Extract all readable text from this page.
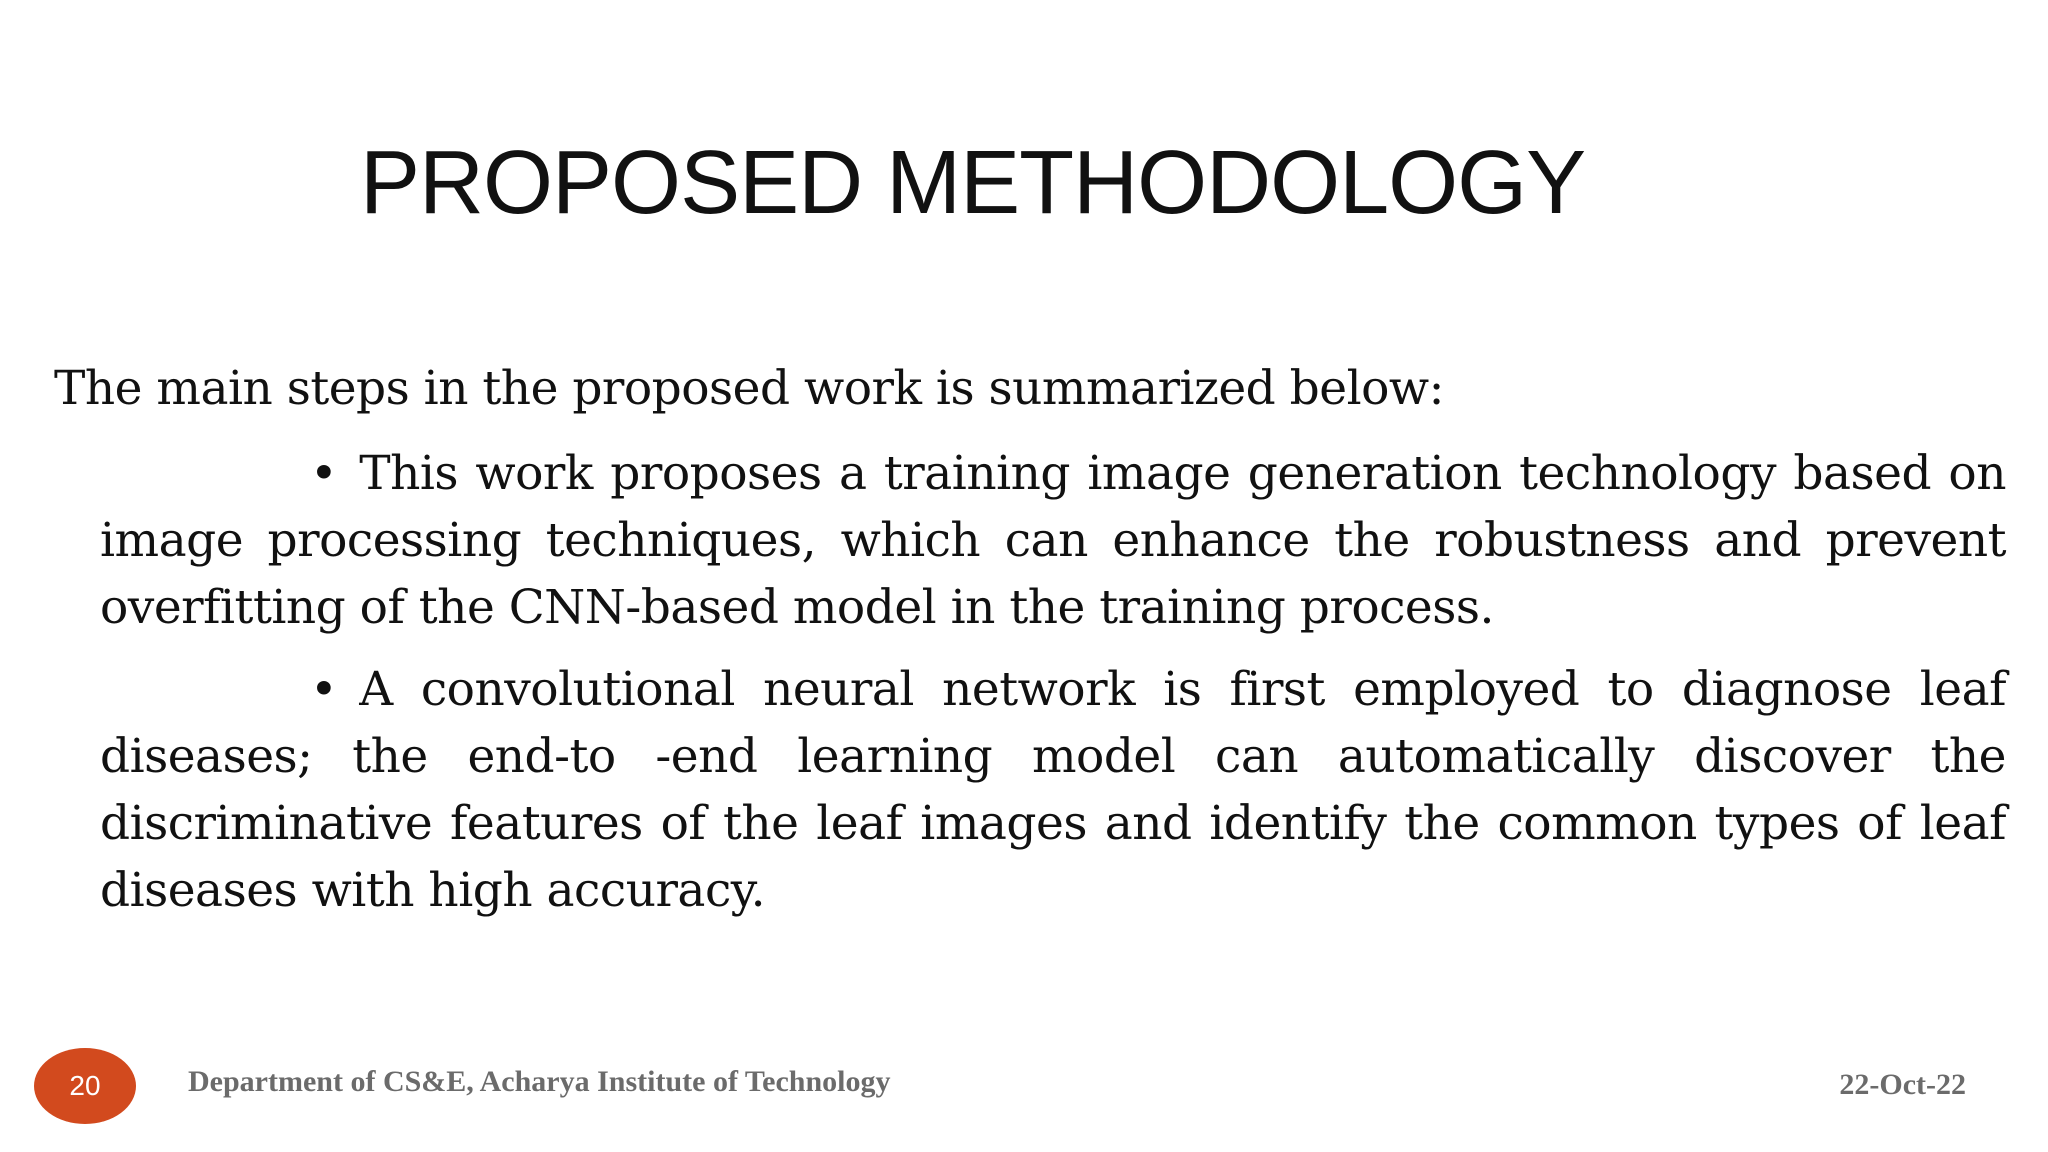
PROPOSED METHODOLOGY

The main steps in the proposed work is summarized below:

• This work proposes a training image generation technology based on image processing techniques, which can enhance the robustness and prevent overfitting of the CNN-based model in the training process.
• A convolutional neural network is first employed to diagnose leaf diseases; the end-to -end learning model can automatically discover the discriminative features of the leaf images and identify the common types of leaf diseases with high accuracy.
20	Department of CS&E, Acharya Institute of Technology	22-Oct-22
